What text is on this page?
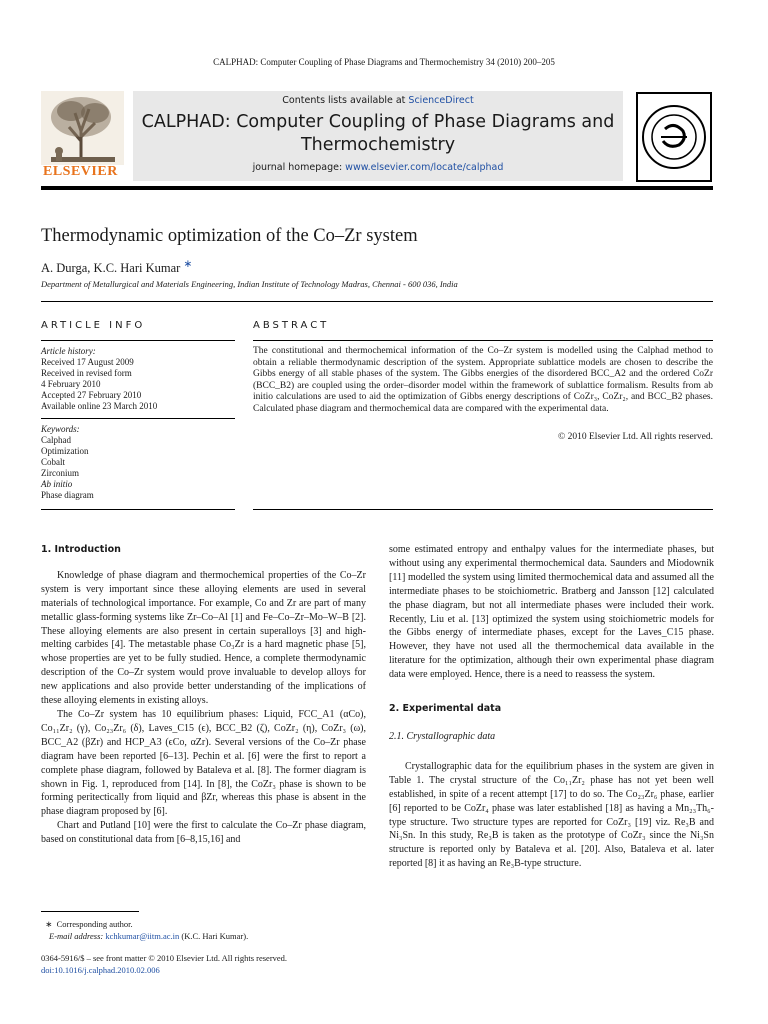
CALPHAD: Computer Coupling of Phase Diagrams and Thermochemistry 34 (2010) 200–205
ELSEVIER
Contents lists available at ScienceDirect
CALPHAD: Computer Coupling of Phase Diagrams and Thermochemistry
journal homepage: www.elsevier.com/locate/calphad
Thermodynamic optimization of the Co–Zr system
A. Durga, K.C. Hari Kumar ∗
Department of Metallurgical and Materials Engineering, Indian Institute of Technology Madras, Chennai - 600 036, India
ARTICLE INFO	ABSTRACT
Article history:
Received 17 August 2009
Received in revised form
4 February 2010
Accepted 27 February 2010
Available online 23 March 2010
Keywords:
Calphad
Optimization
Cobalt
Zirconium
Ab initio
Phase diagram
The constitutional and thermochemical information of the Co–Zr system is modelled using the Calphad method to obtain a reliable thermodynamic description of the system. Appropriate sublattice models are chosen to describe the Gibbs energy of all stable phases of the system. The Gibbs energies of the disordered BCC_A2 and the ordered CoZr (BCC_B2) are coupled using the order–disorder model within the framework of sublattice formalism. Results from ab initio calculations are used to aid the optimization of Gibbs energy descriptions of CoZr₃, CoZr₂, and BCC_B2 phases. Calculated phase diagram and thermochemical data are compared with the experimental data.
© 2010 Elsevier Ltd. All rights reserved.
1. Introduction

Knowledge of phase diagram and thermochemical properties of the Co–Zr system is very important since these alloying elements are used in several materials of technological importance. For example, Co and Zr are part of many metallic glass-forming systems like Zr–Co–Al [1] and Fe–Co–Zr–Mo–W–B [2]. These alloying elements are also present in certain superalloys [3] and high-melting carbides [4]. The metastable phase Co₃Zr is a hard magnetic phase [5], whose properties are yet to be fully studied. Hence, a complete thermodynamic description of the Co–Zr system would prove invaluable to develop alloys for new applications and also provide better understanding of the implications of these alloying elements in existing alloys.

The Co–Zr system has 10 equilibrium phases: Liquid, FCC_A1 (αCo), Co₁₁Zr₂ (γ), Co₂₃Zr₆ (δ), Laves_C15 (ϵ), BCC_B2 (ζ), CoZr₂ (η), CoZr₃ (ω), BCC_A2 (βZr) and HCP_A3 (ϵCo, αZr). Several versions of the Co–Zr phase diagram have been reported [6–13]. Pechin et al. [6] were the first to report a complete phase diagram, followed by Bataleva et al. [8]. The former diagram is shown in Fig. 1, reproduced from [14]. In [8], the CoZr₃ phase is shown to be forming peritectically from liquid and βZr, whereas this phase is absent in the phase diagram proposed by [6].

Chart and Putland [10] were the first to calculate the Co–Zr phase diagram, based on constitutional data from [6–8,15,16] and

some estimated entropy and enthalpy values for the intermediate phases, but without using any experimental thermochemical data. Saunders and Miodownik [11] modelled the system using limited thermochemical data and assumed all the intermediate phases to be stoichiometric. Bratberg and Jansson [12] calculated the phase diagram, but not all intermediate phases were included their work. Recently, Liu et al. [13] optimized the system using stoichiometric models for the Gibbs energy of intermediate phases, except for the Laves_C15 phase. However, they have not used all the thermochemical data available in the literature for the optimization, although their own experimental phase diagram data were employed. Hence, there is a need to reassess the system.

2. Experimental data
2.1. Crystallographic data

Crystallographic data for the equilibrium phases in the system are given in Table 1. The crystal structure of the Co₁₁Zr₂ phase has not yet been well established, in spite of a recent attempt [17] to do so. The Co₂₃Zr₆ phase, earlier [6] reported to be CoZr₄ phase was later established [18] as having a Mn₂₃Th₆-type structure. Two structure types are reported for CoZr₃ [19] viz. Re₃B and Ni₃Sn. In this study, Re₃B is taken as the prototype of CoZr₃ since the Ni₃Sn structure is reported only by Bataleva et al. [20]. Also, Bataleva et al. later reported [8] it as having an Re₃B-type structure.

∗ Corresponding author.
E-mail address: kchkumar@iitm.ac.in (K.C. Hari Kumar).
0364-5916/$ – see front matter © 2010 Elsevier Ltd. All rights reserved.
doi:10.1016/j.calphad.2010.02.006
